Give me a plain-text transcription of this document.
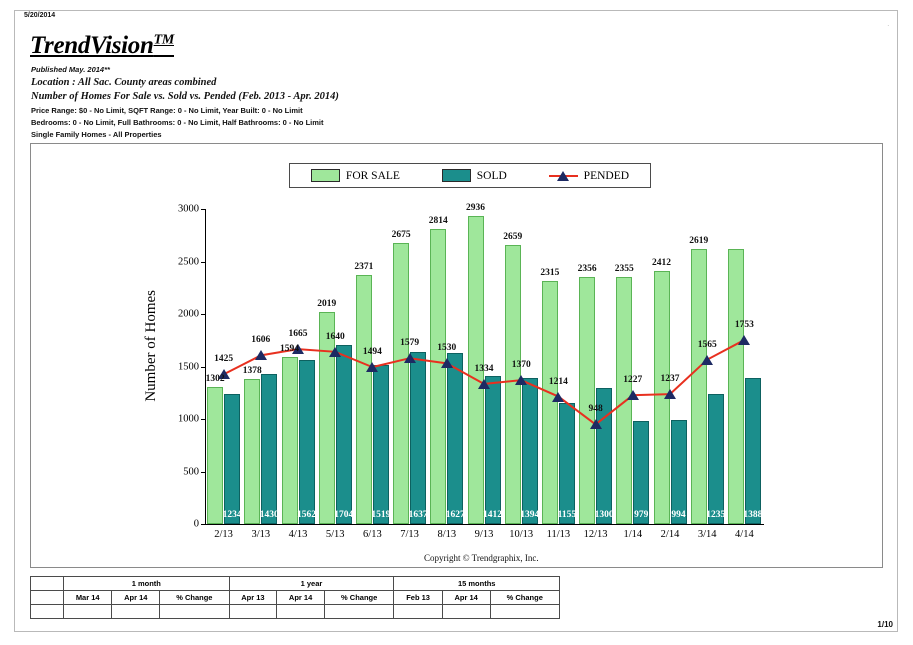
5/20/2014
.
1/10
TrendVision™
Published May. 2014**
Location : All Sac. County areas combined
Number of Homes For Sale vs. Sold vs. Pended (Feb. 2013 - Apr. 2014)
Price Range: $0 - No Limit, SQFT Range: 0 - No Limit, Year Built: 0 - No Limit
Bedrooms: 0 - No Limit, Full Bathrooms: 0 - No Limit, Half Bathrooms: 0 - No Limit
Single Family Homes - All Properties
FOR SALE	SOLD	PENDED
Number of Homes
0
500
1000
1500
2000
2500
3000
1302
1234
1425
1378
1430
1606
1594
1562
1665
2019
1704
1640
2371
1519
1494
2675
1637
1579
2814
1627
1530
2936
1412
1334
2659
1394
1370
2315
1155
1214
2356
1300
948
2355
979
1227
2412
994
1237
2619
1235
1565
1388
1753
2/13 3/13 4/13 5/13 6/13 7/13 8/13 9/13 10/13 11/13 12/13 1/14 2/14 3/14 4/14
Copyright © Trendgraphix, Inc.
	1 month			1 year			15 months		
	Mar 14	Apr 14	% Change	Apr 13	Apr 14	% Change	Feb 13	Apr 14	% Change
